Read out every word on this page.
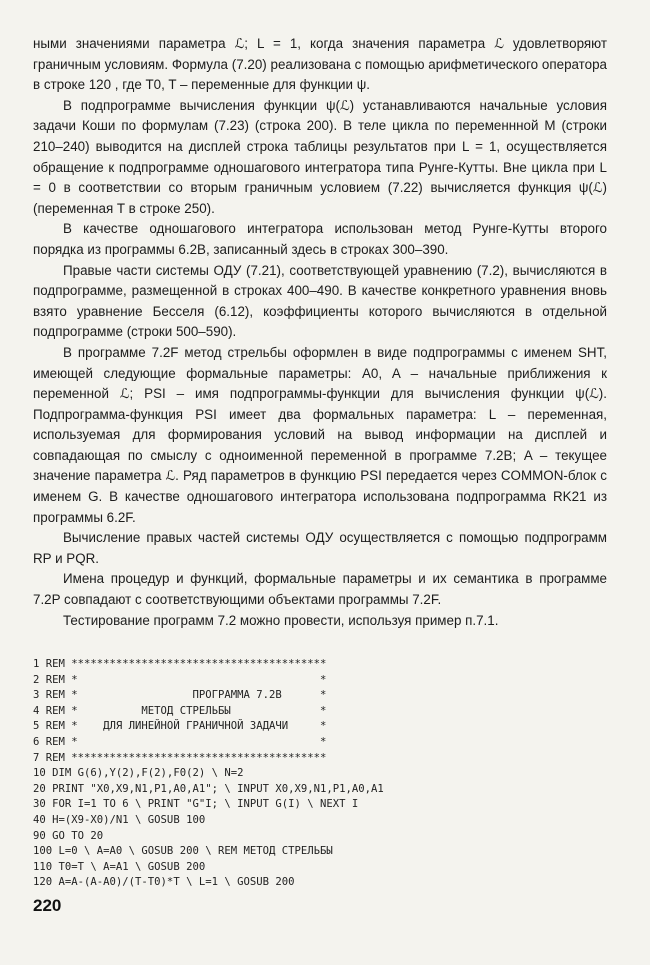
ными значениями параметра ℒ; L = 1, когда значения параметра ℒ удовлетворяют граничным условиям. Формула (7.20) реализована с помощью арифметического оператора в строке 120 , где T0, T – переменные для функции ψ.

В подпрограмме вычисления функции ψ(ℒ) устанавливаются начальные условия задачи Коши по формулам (7.23) (строка 200). В теле цикла по переменнной M (строки 210–240) выводится на дисплей строка таблицы результатов при L = 1, осуществляется обращение к подпрограмме одношагового интегратора типа Рунге-Кутты. Вне цикла при L = 0 в соответствии со вторым граничным условием (7.22) вычисляется функция ψ(ℒ) (переменная T в строке 250).

В качестве одношагового интегратора использован метод Рунге-Кутты второго порядка из программы 6.2В, записанный здесь в строках 300–390.

Правые части системы ОДУ (7.21), соответствующей уравнению (7.2), вычисляются в подпрограмме, размещенной в строках 400–490. В качестве конкретного уравнения вновь взято уравнение Бесселя (6.12), коэффициенты которого вычисляются в отдельной подпрограмме (строки 500–590).

В программе 7.2F метод стрельбы оформлен в виде подпрограммы с именем SHT, имеющей следующие формальные параметры: A0, A – начальные приближения к переменной ℒ; PSI – имя подпрограммы-функции для вычисления функции ψ(ℒ). Подпрограмма-функция PSI имеет два формальных параметра: L – переменная, используемая для формирования условий на вывод информации на дисплей и совпадающая по смыслу с одноименной переменной в программе 7.2В; A – текущее значение параметра ℒ. Ряд параметров в функцию PSI передается через COMMON-блок с именем G. В качестве одношагового интегратора использована подпрограмма RK21 из программы 6.2F.

Вычисление правых частей системы ОДУ осуществляется с помощью подпрограмм RP и PQR.

Имена процедур и функций, формальные параметры и их семантика в программе 7.2P совпадают с соответствующими объектами программы 7.2F.

Тестирование программ 7.2 можно провести, используя пример п.7.1.

1 REM ****************************************
2 REM *                                      *
3 REM *                  ПРОГРАММА 7.2В      *
4 REM *          МЕТОД СТРЕЛЬБЫ              *
5 REM *    ДЛЯ ЛИНЕЙНОЙ ГРАНИЧНОЙ ЗАДАЧИ     *
6 REM *                                      *
7 REM ****************************************
10 DIM G(6),Y(2),F(2),F0(2) \ N=2
20 PRINT "X0,X9,N1,P1,A0,A1"; \ INPUT X0,X9,N1,P1,A0,A1
30 FOR I=1 TO 6 \ PRINT "G"I; \ INPUT G(I) \ NEXT I
40 H=(X9-X0)/N1 \ GOSUB 100
90 GO TO 20
100 L=0 \ A=A0 \ GOSUB 200 \ REM МЕТОД СТРЕЛЬБЫ
110 T0=T \ A=A1 \ GOSUB 200
120 A=A-(A-A0)/(T-T0)*T \ L=1 \ GOSUB 200
220
